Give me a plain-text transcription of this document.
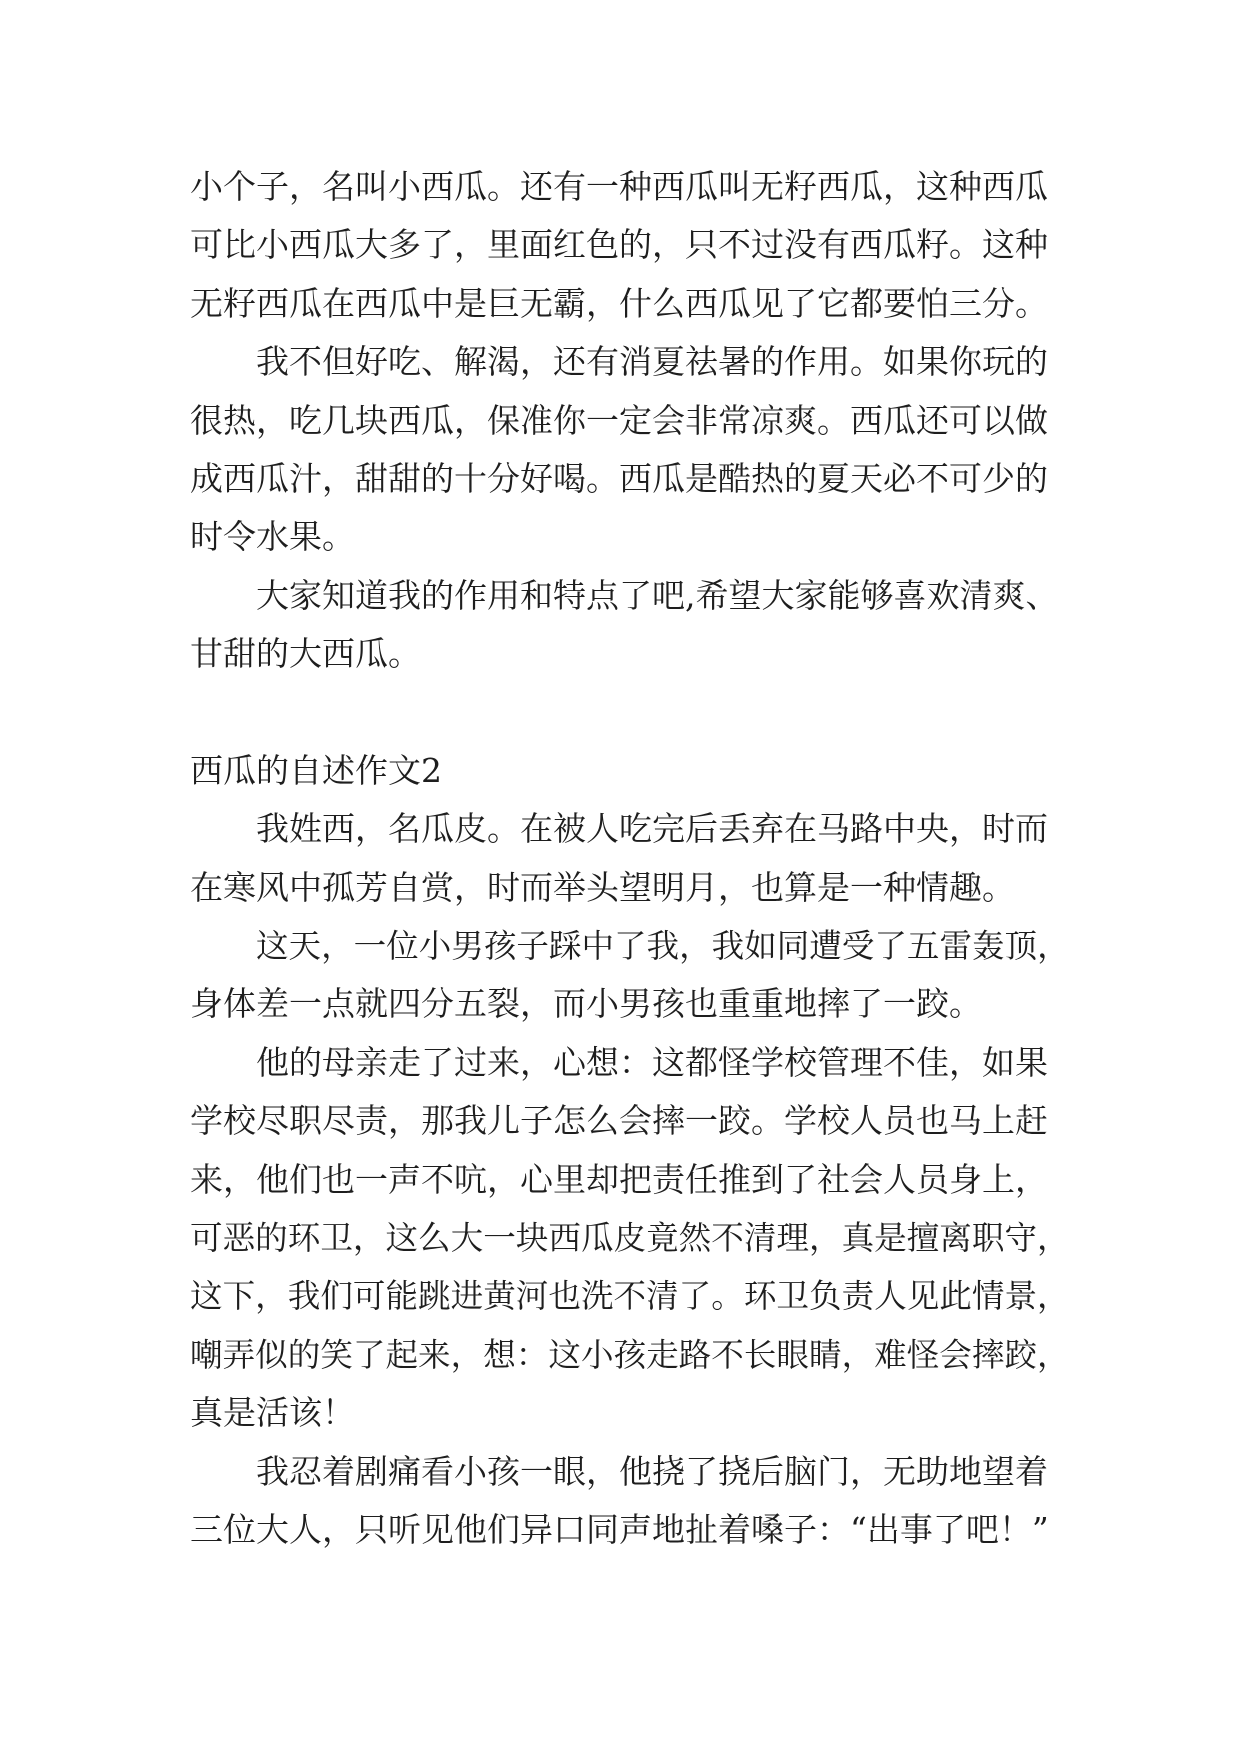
小个子，名叫小西瓜。还有一种西瓜叫无籽西瓜，这种西瓜
可比小西瓜大多了，里面红色的，只不过没有西瓜籽。这种
无籽西瓜在西瓜中是巨无霸，什么西瓜见了它都要怕三分。
我不但好吃、解渴，还有消夏祛暑的作用。如果你玩的
很热，吃几块西瓜，保准你一定会非常凉爽。西瓜还可以做
成西瓜汁，甜甜的十分好喝。西瓜是酷热的夏天必不可少的
时令水果。
大家知道我的作用和特点了吧,希望大家能够喜欢清爽、
甘甜的大西瓜。
西瓜的自述作文2
我姓西，名瓜皮。在被人吃完后丢弃在马路中央，时而
在寒风中孤芳自赏，时而举头望明月，也算是一种情趣。
这天，一位小男孩子踩中了我，我如同遭受了五雷轰顶，
身体差一点就四分五裂，而小男孩也重重地摔了一跤。
他的母亲走了过来，心想：这都怪学校管理不佳，如果
学校尽职尽责，那我儿子怎么会摔一跤。学校人员也马上赶
来，他们也一声不吭，心里却把责任推到了社会人员身上，
可恶的环卫，这么大一块西瓜皮竟然不清理，真是擅离职守，
这下，我们可能跳进黄河也洗不清了。环卫负责人见此情景，
嘲弄似的笑了起来，想：这小孩走路不长眼睛，难怪会摔跤，
真是活该！
我忍着剧痛看小孩一眼，他挠了挠后脑门，无助地望着
三位大人，只听见他们异口同声地扯着嗓子：“出事了吧！”
